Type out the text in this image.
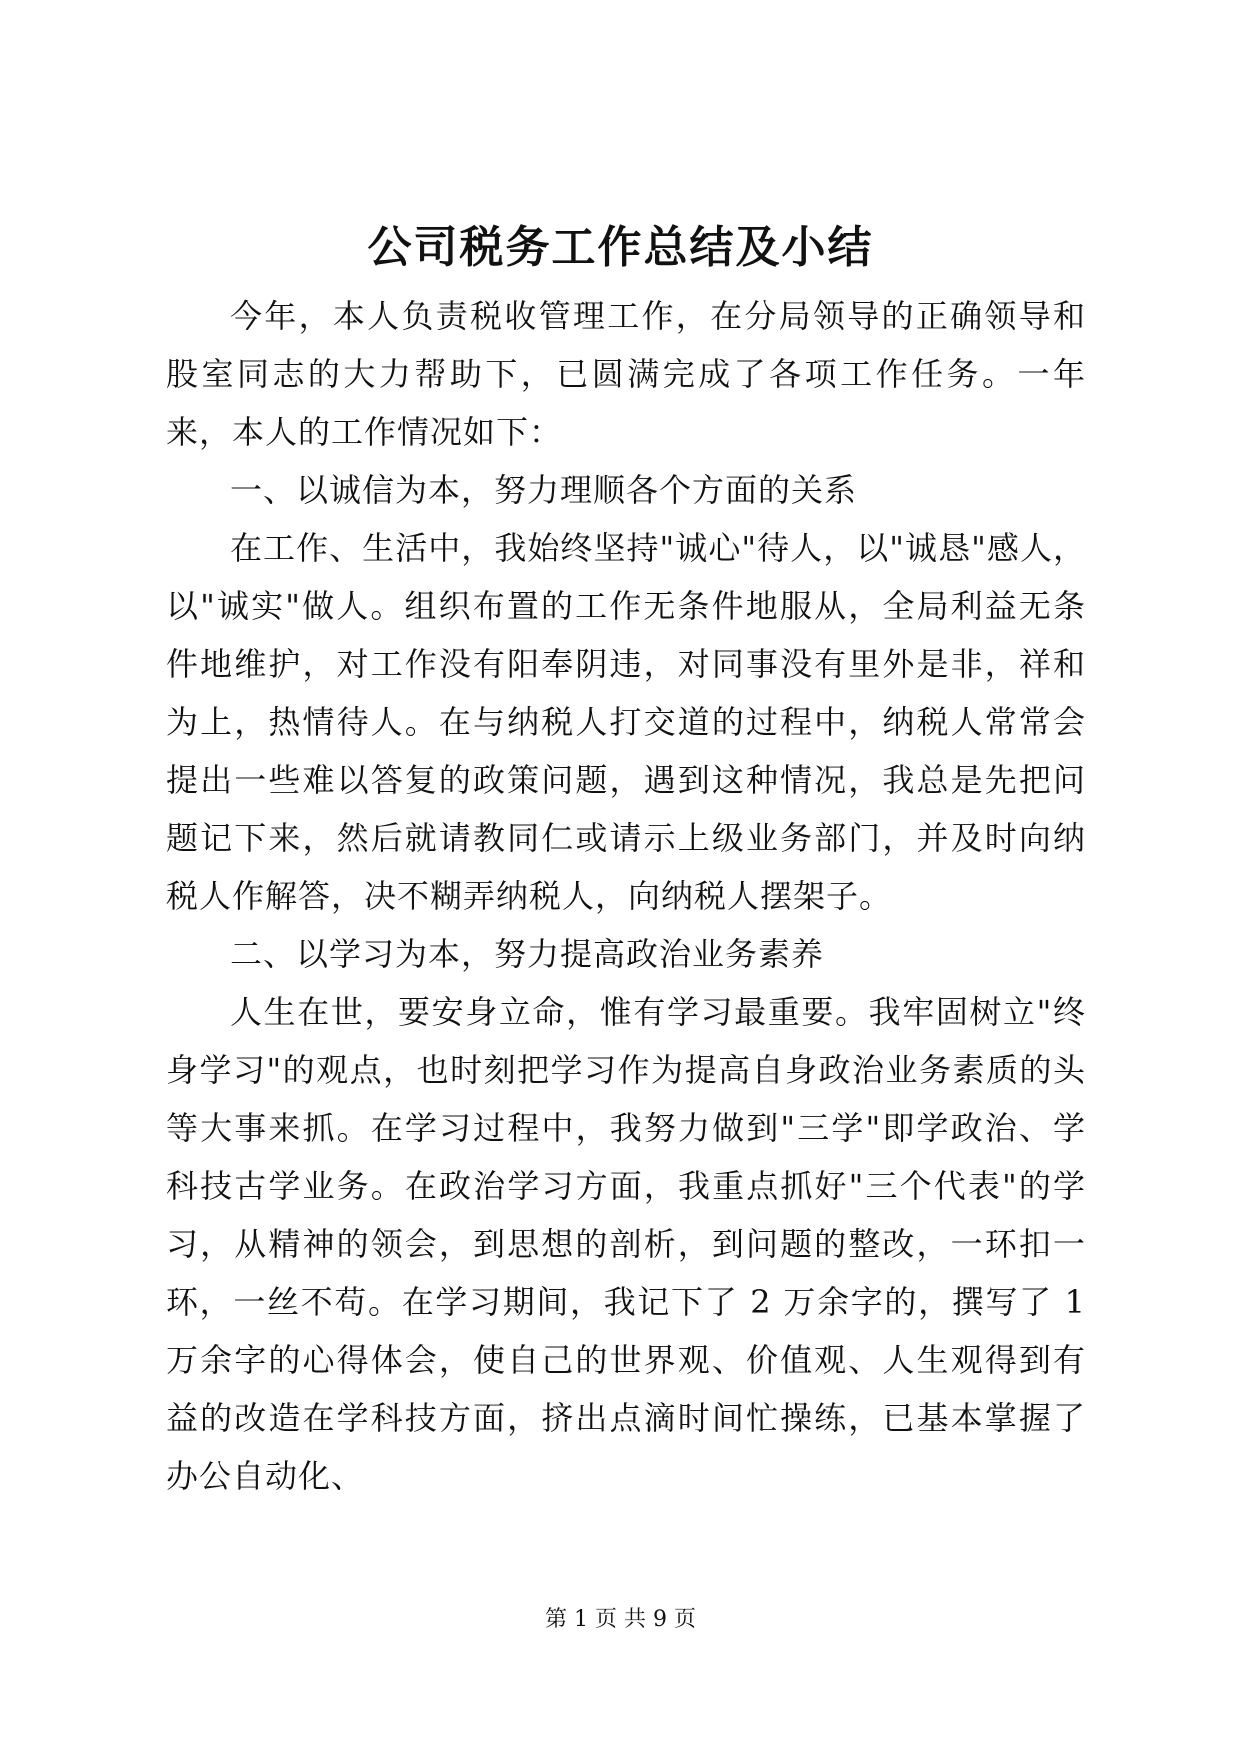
公司税务工作总结及小结

今年，本人负责税收管理工作，在分局领导的正确领导和股室同志的大力帮助下，已圆满完成了各项工作任务。一年来，本人的工作情况如下：

一、以诚信为本，努力理顺各个方面的关系

在工作、生活中，我始终坚持"诚心"待人，以"诚恳"感人，以"诚实"做人。组织布置的工作无条件地服从，全局利益无条件地维护，对工作没有阳奉阴违，对同事没有里外是非，祥和为上，热情待人。在与纳税人打交道的过程中，纳税人常常会提出一些难以答复的政策问题，遇到这种情况，我总是先把问题记下来，然后就请教同仁或请示上级业务部门，并及时向纳税人作解答，决不糊弄纳税人，向纳税人摆架子。

二、以学习为本，努力提高政治业务素养

人生在世，要安身立命，惟有学习最重要。我牢固树立"终身学习"的观点，也时刻把学习作为提高自身政治业务素质的头等大事来抓。在学习过程中，我努力做到"三学"即学政治、学科技古学业务。在政治学习方面，我重点抓好"三个代表"的学习，从精神的领会，到思想的剖析，到问题的整改，一环扣一环，一丝不苟。在学习期间，我记下了 2 万余字的，撰写了 1 万余字的心得体会，使自己的世界观、价值观、人生观得到有益的改造在学科技方面，挤出点滴时间忙操练，已基本掌握了办公自动化、

第 1 页 共 9 页
